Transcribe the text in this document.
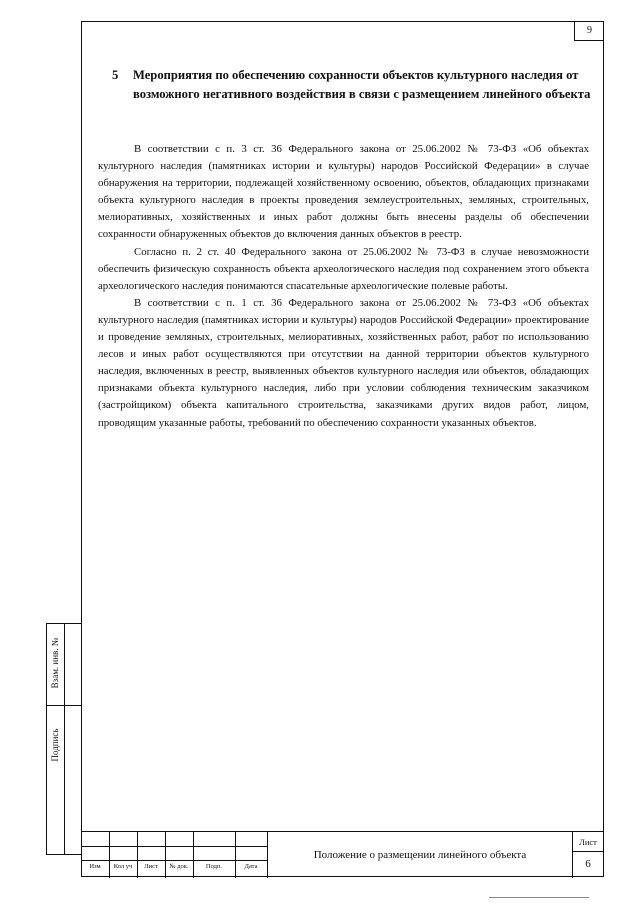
9
5	Мероприятия по обеспечению сохранности объектов культурного наследия от возможного негативного воздействия в связи с размещением линейного объекта

В соответствии с п. 3 ст. 36 Федерального закона от 25.06.2002 № 73-ФЗ «Об объектах культурного наследия (памятниках истории и культуры) народов Российской Федерации» в случае обнаружения на территории, подлежащей хозяйственному освоению, объектов, обладающих признаками объекта культурного наследия в проекты проведения землеустроительных, земляных, строительных, мелиоративных, хозяйственных и иных работ должны быть внесены разделы об обеспечении сохранности обнаруженных объектов до включения данных объектов в реестр.

Согласно п. 2 ст. 40 Федерального закона от 25.06.2002 № 73-ФЗ в случае невозможности обеспечить физическую сохранность объекта археологического наследия под сохранением этого объекта археологического наследия понимаются спасательные археологические полевые работы.

В соответствии с п. 1 ст. 36 Федерального закона от 25.06.2002 № 73-ФЗ «Об объектах культурного наследия (памятниках истории и культуры) народов Российской Федерации» проектирование и проведение земляных, строительных, мелиоративных, хозяйственных работ, работ по использованию лесов и иных работ осуществляются при отсутствии на данной территории объектов культурного наследия, включенных в реестр, выявленных объектов культурного наследия или объектов, обладающих признаками объекта культурного наследия, либо при условии соблюдения техническим заказчиком (застройщиком) объекта капитального строительства, заказчиками других видов работ, лицом, проводящим указанные работы, требований по обеспечению сохранности указанных объектов.

Взам. инв. №
Подпись
Изм	Кол уч	Лист	№ док.	Подп.	Дата
Положение о размещении линейного объекта
Лист
6
